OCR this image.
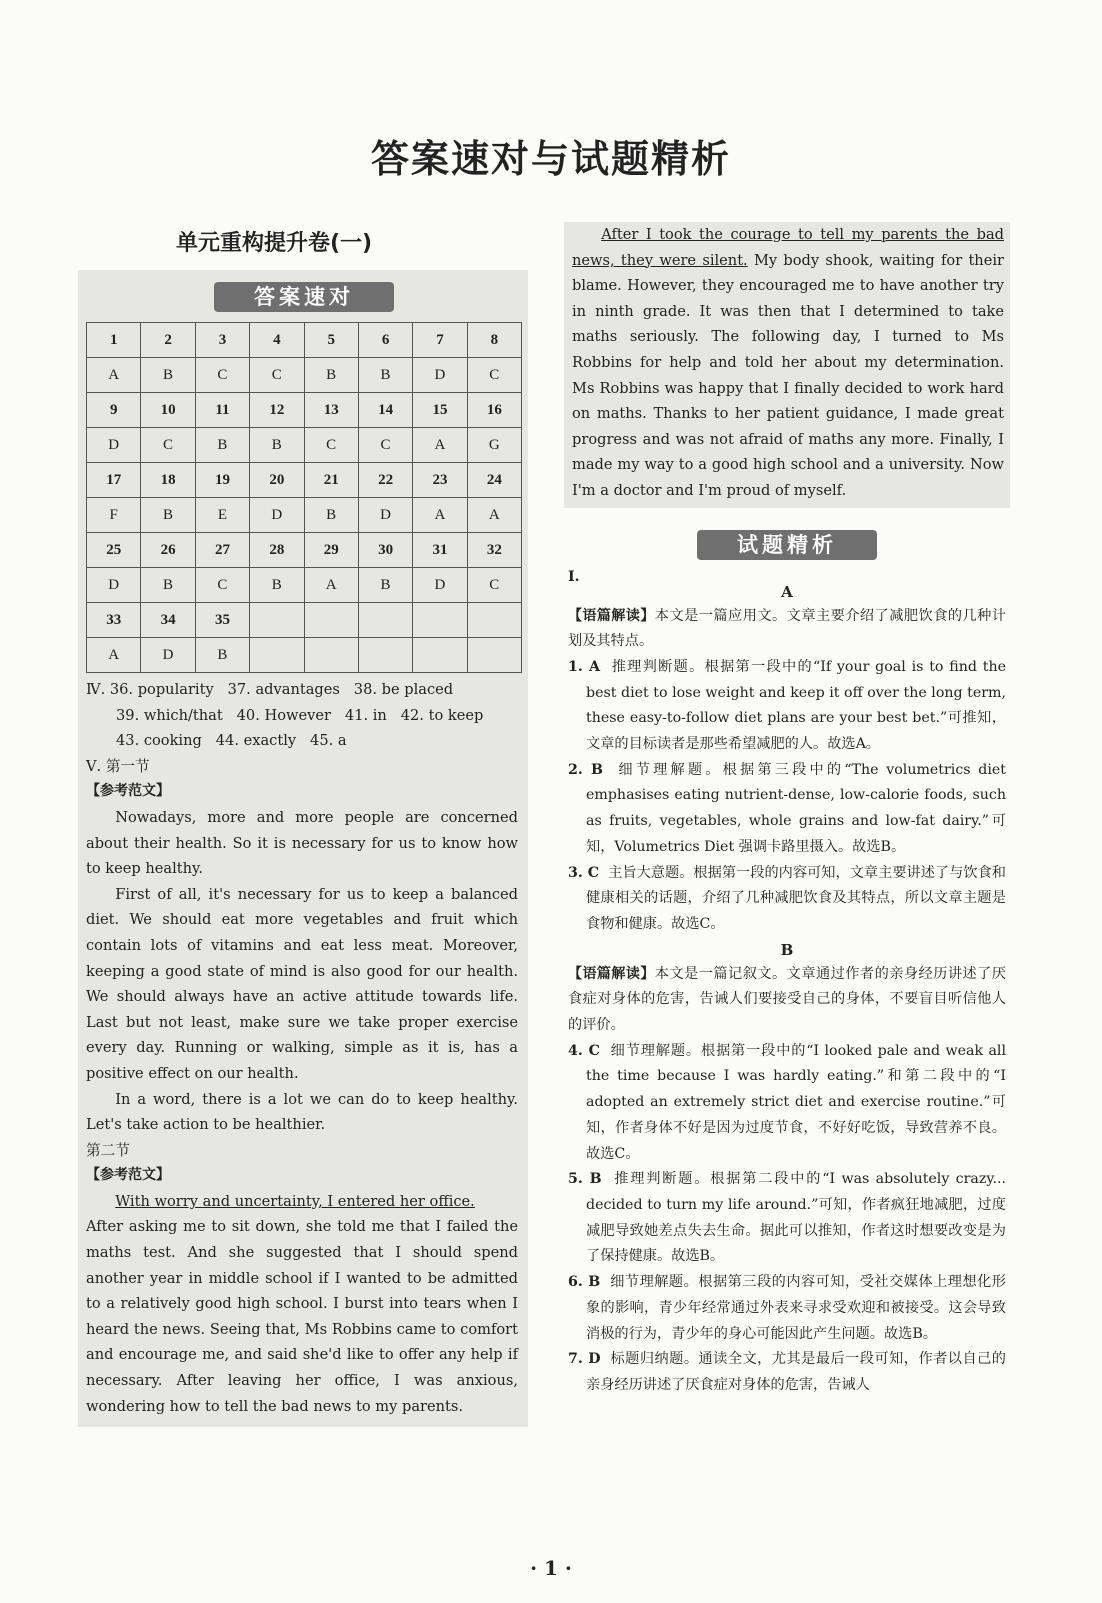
答案速对与试题精析
单元重构提升卷(一)
答案速对
1	2	3	4	5	6	7	8
A	B	C	C	B	B	D	C
9	10	11	12	13	14	15	16
D	C	B	B	C	C	A	G
17	18	19	20	21	22	23	24
F	B	E	D	B	D	A	A
25	26	27	28	29	30	31	32
D	B	C	B	A	B	D	C
33	34	35					
A	D	B					
Ⅳ. 36. popularity   37. advantages   38. be placed
39. which/that   40. However   41. in   42. to keep
43. cooking   44. exactly   45. a
Ⅴ. 第一节
【参考范文】
Nowadays, more and more people are concerned about their health. So it is necessary for us to know how to keep healthy.
First of all, it's necessary for us to keep a balanced diet. We should eat more vegetables and fruit which contain lots of vitamins and eat less meat. Moreover, keeping a good state of mind is also good for our health. We should always have an active attitude towards life. Last but not least, make sure we take proper exercise every day. Running or walking, simple as it is, has a positive effect on our health.
In a word, there is a lot we can do to keep healthy. Let's take action to be healthier.
第二节
【参考范文】
With worry and uncertainty, I entered her office.
After asking me to sit down, she told me that I failed the maths test. And she suggested that I should spend another year in middle school if I wanted to be admitted to a relatively good high school. I burst into tears when I heard the news. Seeing that, Ms Robbins came to comfort and encourage me, and said she'd like to offer any help if necessary. After leaving her office, I was anxious, wondering how to tell the bad news to my parents.
After I took the courage to tell my parents the bad news, they were silent. My body shook, waiting for their blame. However, they encouraged me to have another try in ninth grade. It was then that I determined to take maths seriously. The following day, I turned to Ms Robbins for help and told her about my determination. Ms Robbins was happy that I finally decided to work hard on maths. Thanks to her patient guidance, I made great progress and was not afraid of maths any more. Finally, I made my way to a good high school and a university. Now I'm a doctor and I'm proud of myself.
试题精析
Ⅰ.
A
【语篇解读】本文是一篇应用文。文章主要介绍了减肥饮食的几种计划及其特点。
1. A 推理判断题。根据第一段中的“If your goal is to find the best diet to lose weight and keep it off over the long term, these easy-to-follow diet plans are your best bet.”可推知，文章的目标读者是那些希望减肥的人。故选A。
2. B 细节理解题。根据第三段中的“The volumetrics diet emphasises eating nutrient-dense, low-calorie foods, such as fruits, vegetables, whole grains and low-fat dairy.”可知，Volumetrics Diet 强调卡路里摄入。故选B。
3. C 主旨大意题。根据第一段的内容可知，文章主要讲述了与饮食和健康相关的话题，介绍了几种减肥饮食及其特点，所以文章主题是食物和健康。故选C。
B
【语篇解读】本文是一篇记叙文。文章通过作者的亲身经历讲述了厌食症对身体的危害，告诫人们要接受自己的身体，不要盲目听信他人的评价。
4. C 细节理解题。根据第一段中的“I looked pale and weak all the time because I was hardly eating.”和第二段中的“I adopted an extremely strict diet and exercise routine.”可知，作者身体不好是因为过度节食，不好好吃饭，导致营养不良。故选C。
5. B 推理判断题。根据第二段中的“I was absolutely crazy... decided to turn my life around.”可知，作者疯狂地减肥，过度减肥导致她差点失去生命。据此可以推知，作者这时想要改变是为了保持健康。故选B。
6. B 细节理解题。根据第三段的内容可知，受社交媒体上理想化形象的影响，青少年经常通过外表来寻求受欢迎和被接受。这会导致消极的行为，青少年的身心可能因此产生问题。故选B。
7. D 标题归纳题。通读全文，尤其是最后一段可知，作者以自己的亲身经历讲述了厌食症对身体的危害，告诫人
· 1 ·
